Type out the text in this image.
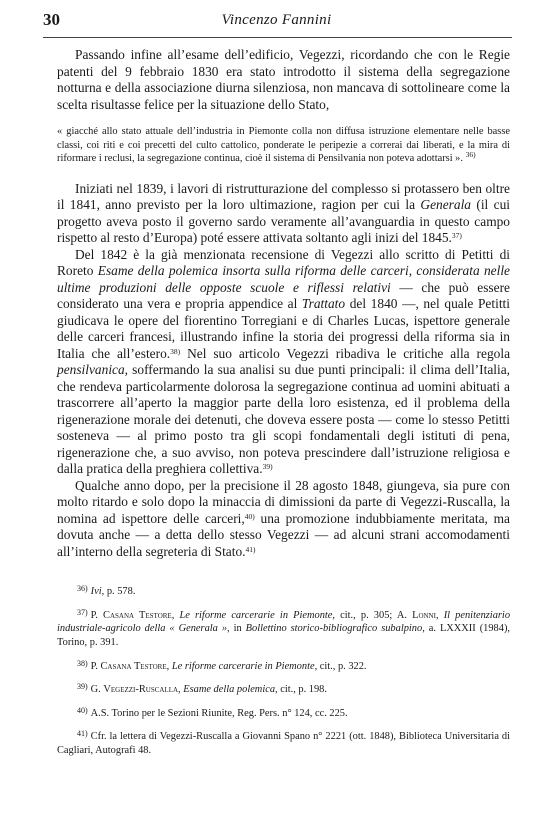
30	Vincenzo Fannini

Passando infine all’esame dell’edificio, Vegezzi, ricordando che con le Regie patenti del 9 febbraio 1830 era stato introdotto il sistema della segregazione notturna e della associazione diurna silenziosa, non mancava di sottolineare come la scelta risultasse felice per la situazione dello Stato,

« giacché allo stato attuale dell’industria in Piemonte colla non diffusa istruzione elementare nelle basse classi, coi riti e coi precetti del culto cattolico, ponderate le peripezie a correrai dai liberati, e la mira di riformare i reclusi, la segregazione continua, cioè il sistema di Pensilvania non poteva adottarsi ». $^{36)}$

Iniziati nel 1839, i lavori di ristrutturazione del complesso si protassero ben oltre il 1841, anno previsto per la loro ultimazione, ragion per cui la Generala (il cui progetto aveva posto il governo sardo veramente all’avanguardia in questo campo rispetto al resto d’Europa) poté essere attivata soltanto agli inizi del 1845.$^{37)}$

Del 1842 è la già menzionata recensione di Vegezzi allo scritto di Petitti di Roreto Esame della polemica insorta sulla riforma delle carceri, considerata nelle ultime produzioni delle opposte scuole e riflessi relativi — che può essere considerato una vera e propria appendice al Trattato del 1840 —, nel quale Petitti giudicava le opere del fiorentino Torregiani e di Charles Lucas, ispettore generale delle carceri francesi, illustrando infine la storia dei progressi della riforma sia in Italia che all’estero.$^{38)}$ Nel suo articolo Vegezzi ribadiva le critiche alla regola pensilvanica, soffermando la sua analisi su due punti principali: il clima dell’Italia, che rendeva particolarmente dolorosa la segregazione continua ad uomini abituati a trascorrere all’aperto la maggior parte della loro esistenza, ed il problema della rigenerazione morale dei detenuti, che doveva essere posta — come lo stesso Petitti sosteneva — al primo posto tra gli scopi fondamentali degli istituti di pena, rigenerazione che, a suo avviso, non poteva prescindere dall’istruzione religiosa e dalla pratica della preghiera collettiva.$^{39)}$

Qualche anno dopo, per la precisione il 28 agosto 1848, giungeva, sia pure con molto ritardo e solo dopo la minaccia di dimissioni da parte di Vegezzi-Ruscalla, la nomina ad ispettore delle carceri,$^{40)}$ una promozione indubbiamente meritata, ma dovuta anche — a detta dello stesso Vegezzi — ad alcuni strani accomodamenti all’interno della segreteria di Stato.$^{41)}$

$^{36)}$ Ivi, p. 578.

$^{37)}$ P. Casana Testore, Le riforme carcerarie in Piemonte, cit., p. 305; A. Lonni, Il penitenziario industriale-agricolo della « Generala », in Bollettino storico-bibliografico subalpino, a. LXXXII (1984), Torino, p. 391.

$^{38)}$ P. Casana Testore, Le riforme carcerarie in Piemonte, cit., p. 322.

$^{39)}$ G. Vegezzi-Ruscalla, Esame della polemica, cit., p. 198.

$^{40)}$ A.S. Torino per le Sezioni Riunite, Reg. Pers. n° 124, cc. 225.

$^{41)}$ Cfr. la lettera di Vegezzi-Ruscalla a Giovanni Spano n° 2221 (ott. 1848), Biblioteca Universitaria di Cagliari, Autografi 48.
